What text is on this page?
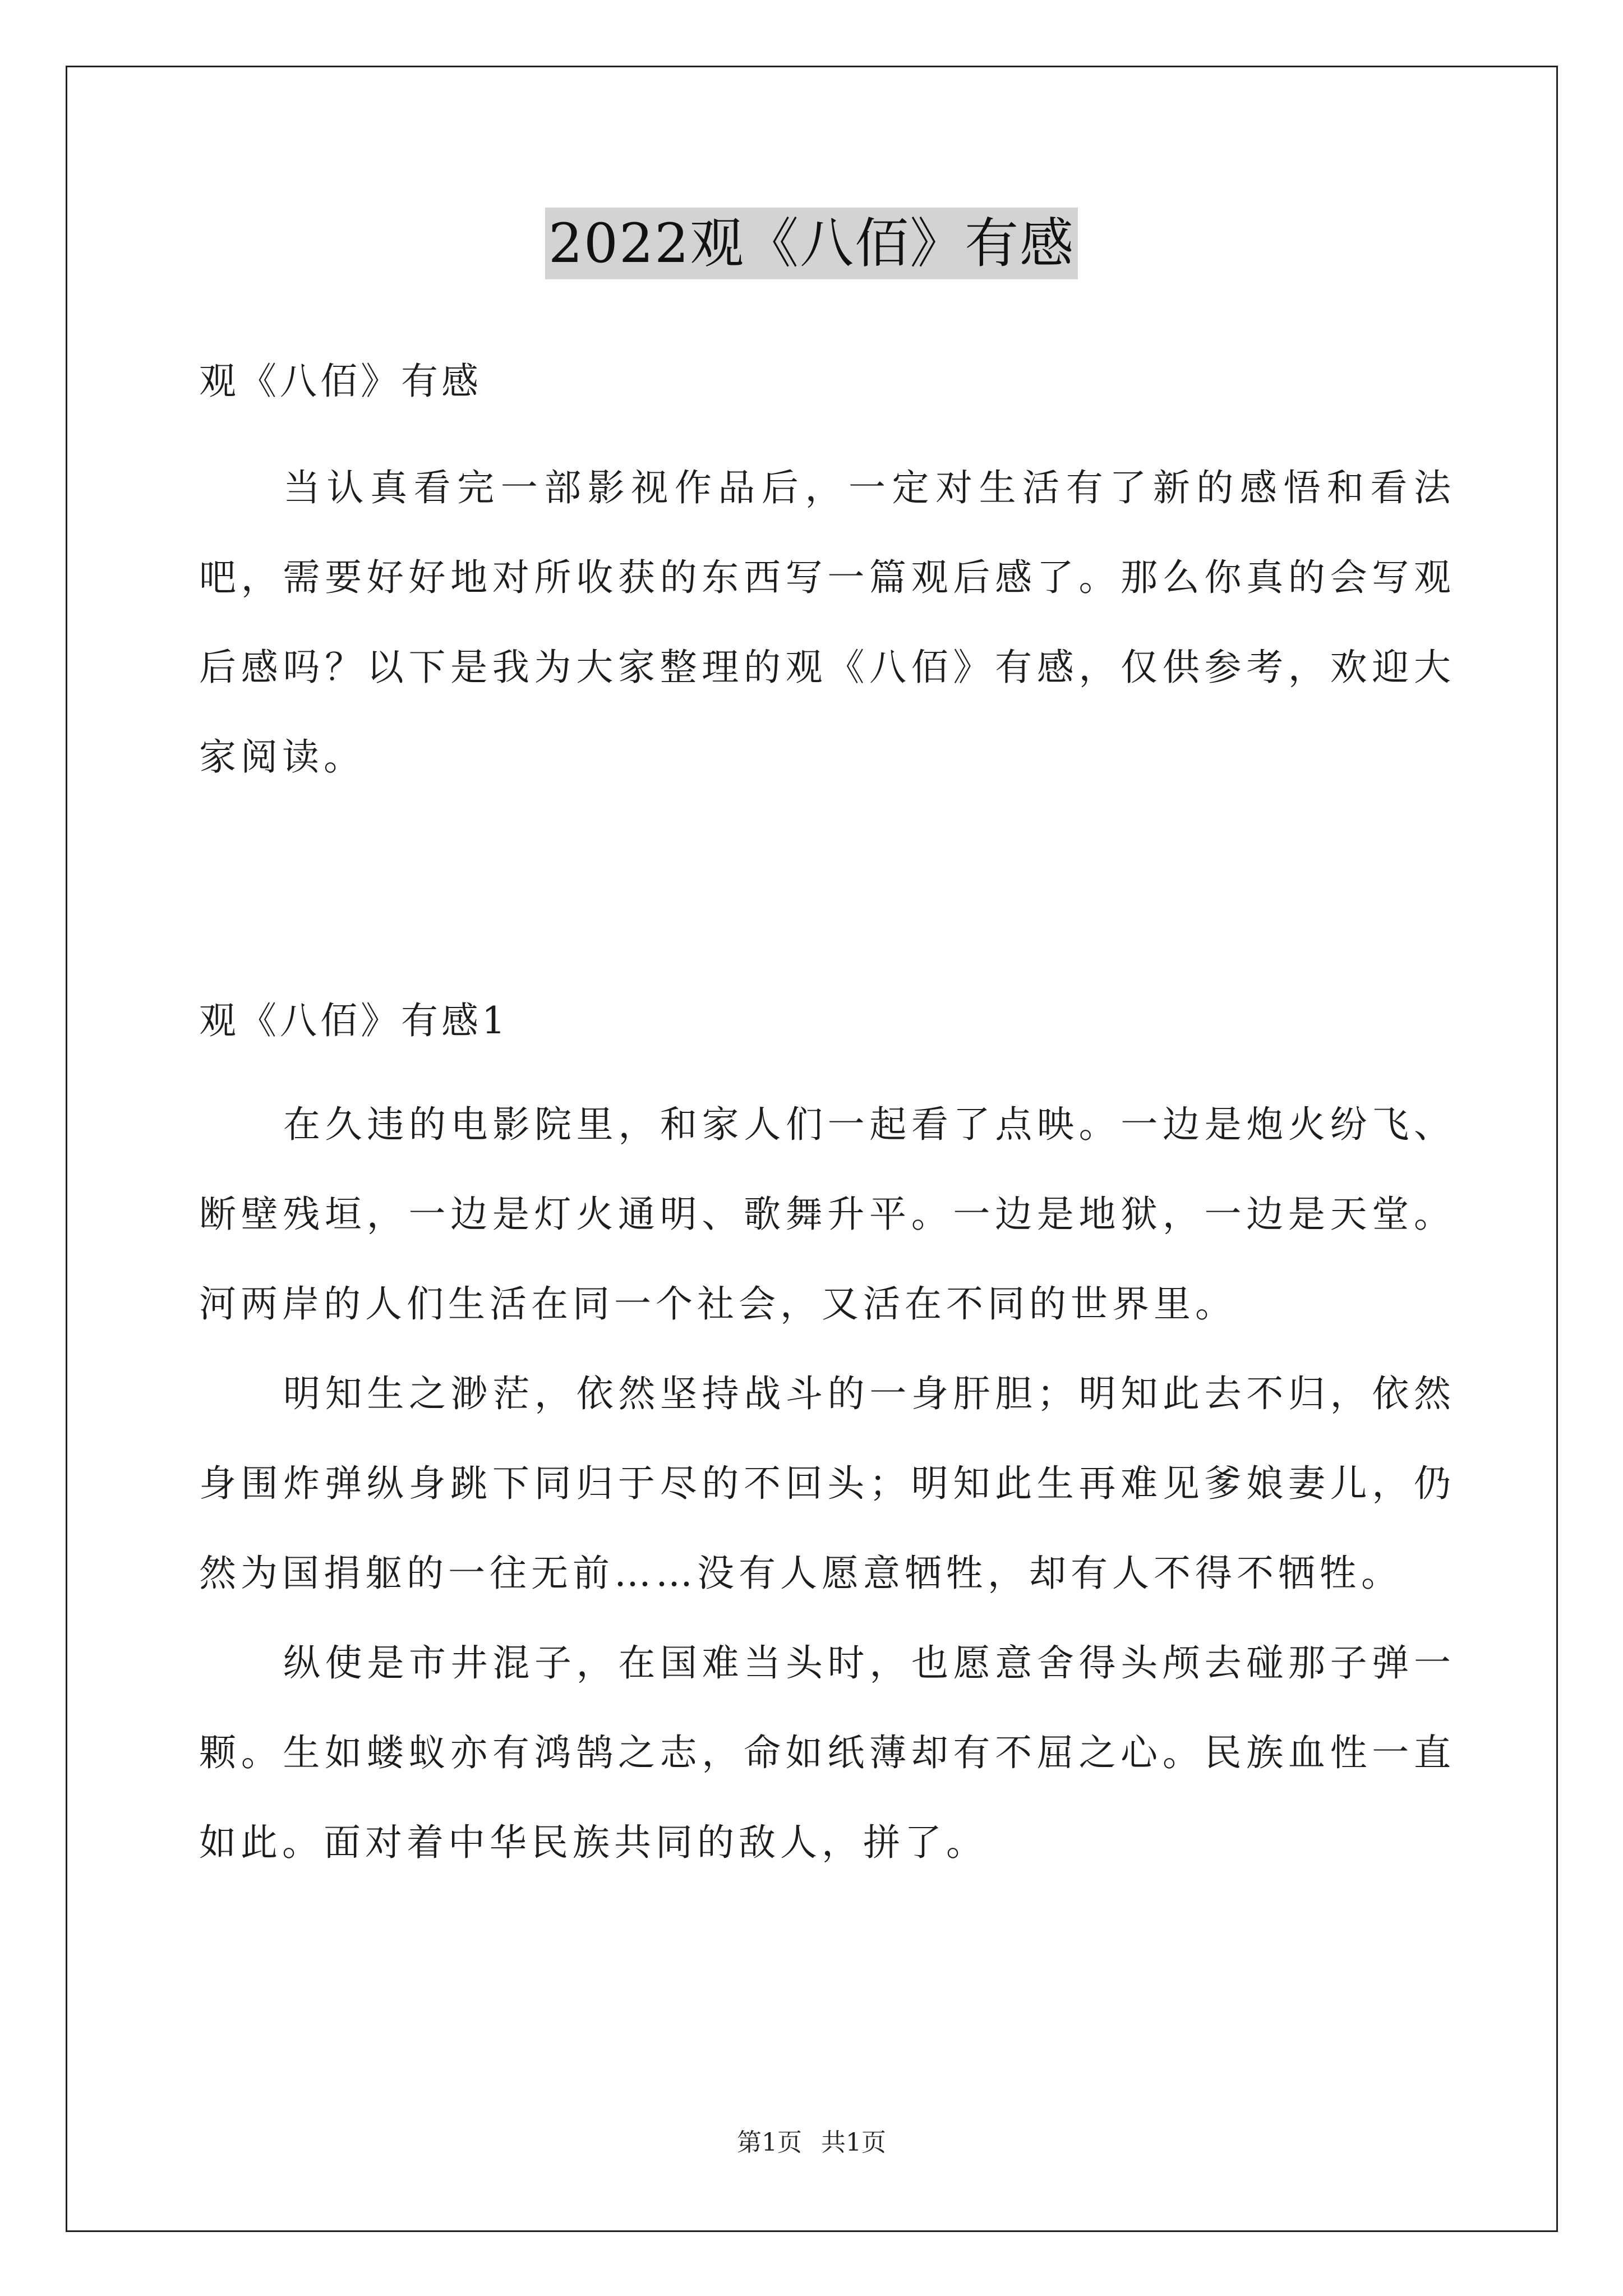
2022观《八佰》有感
观《八佰》有感

当认真看完一部影视作品后，一定对生活有了新的感悟和看法吧，需要好好地对所收获的东西写一篇观后感了。那么你真的会写观后感吗？以下是我为大家整理的观《八佰》有感，仅供参考，欢迎大家阅读。

观《八佰》有感1

在久违的电影院里，和家人们一起看了点映。一边是炮火纷飞、断壁残垣，一边是灯火通明、歌舞升平。一边是地狱，一边是天堂。河两岸的人们生活在同一个社会，又活在不同的世界里。

明知生之渺茫，依然坚持战斗的一身肝胆；明知此去不归，依然身围炸弹纵身跳下同归于尽的不回头；明知此生再难见爹娘妻儿，仍然为国捐躯的一往无前……没有人愿意牺牲，却有人不得不牺牲。

纵使是市井混子，在国难当头时，也愿意舍得头颅去碰那子弹一颗。生如蝼蚁亦有鸿鹄之志，命如纸薄却有不屈之心。民族血性一直如此。面对着中华民族共同的敌人，拼了。

第1页 共1页
